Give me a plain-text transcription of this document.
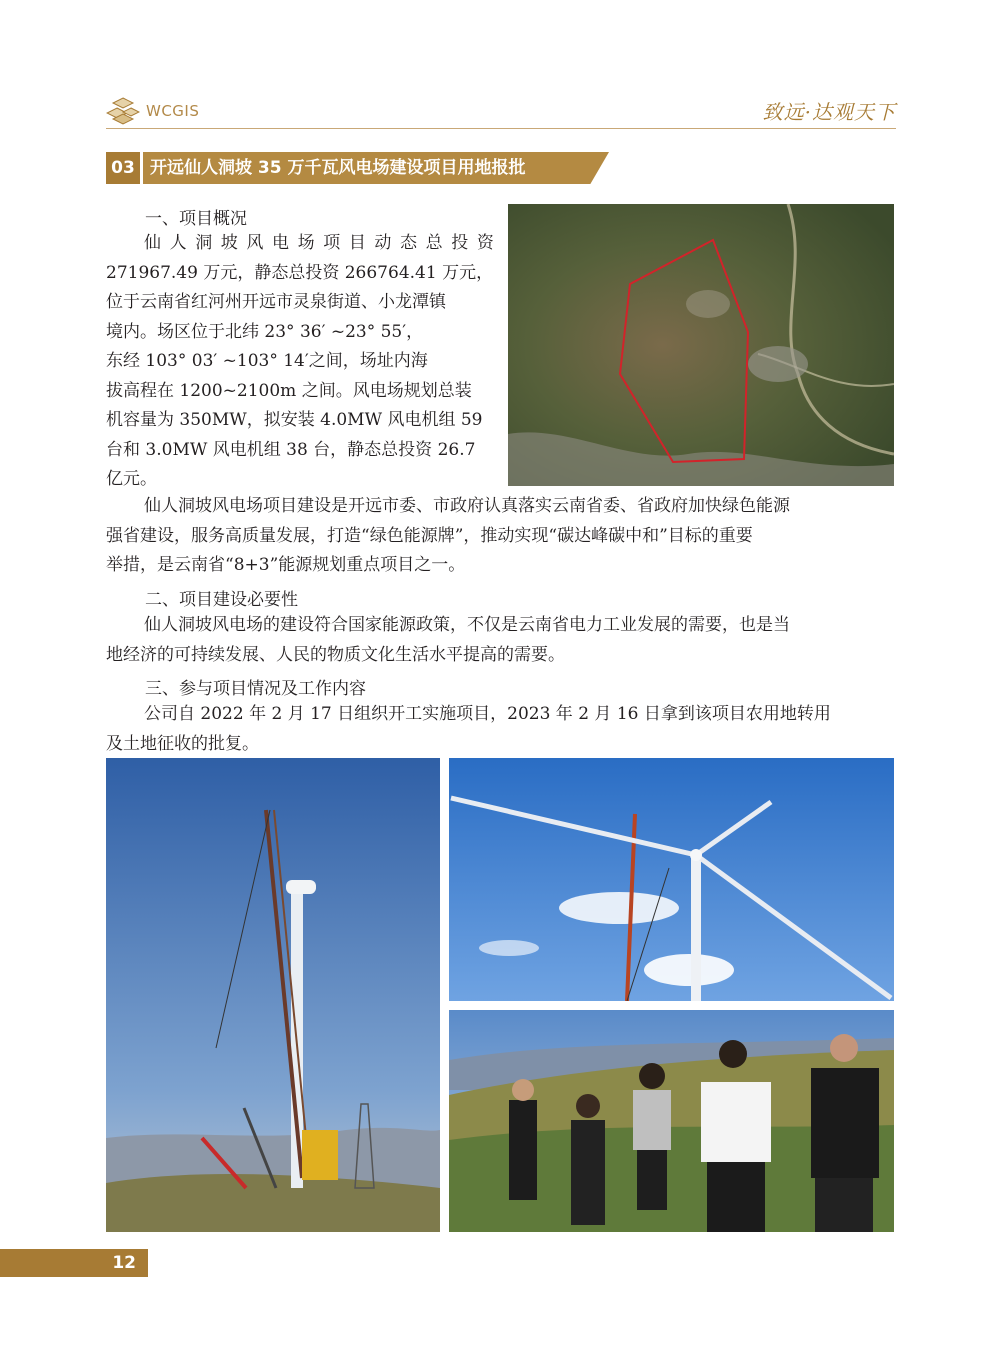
WCGIS	致远·达观天下
03 开远仙人洞坡 35 万千瓦风电场建设项目用地报批
一、项目概况
仙 人 洞 坡 风 电 场 项 目 动 态 总 投 资
271967.49 万元，静态总投资 266764.41 万元，
位于云南省红河州开远市灵泉街道、小龙潭镇
境内。场区位于北纬 23° 36′ ~23° 55′，
东经 103° 03′ ~103° 14′之间，场址内海
拔高程在 1200~2100m 之间。风电场规划总装
机容量为 350MW，拟安装 4.0MW 风电机组 59
台和 3.0MW 风电机组 38 台，静态总投资 26.7
亿元。
仙人洞坡风电场项目建设是开远市委、市政府认真落实云南省委、省政府加快绿色能源
强省建设，服务高质量发展，打造“绿色能源牌”，推动实现“碳达峰碳中和”目标的重要
举措，是云南省“8+3”能源规划重点项目之一。
二、项目建设必要性
仙人洞坡风电场的建设符合国家能源政策，不仅是云南省电力工业发展的需要，也是当
地经济的可持续发展、人民的物质文化生活水平提高的需要。
三、参与项目情况及工作内容
公司自 2022 年 2 月 17 日组织开工实施项目，2023 年 2 月 16 日拿到该项目农用地转用
及土地征收的批复。
12
